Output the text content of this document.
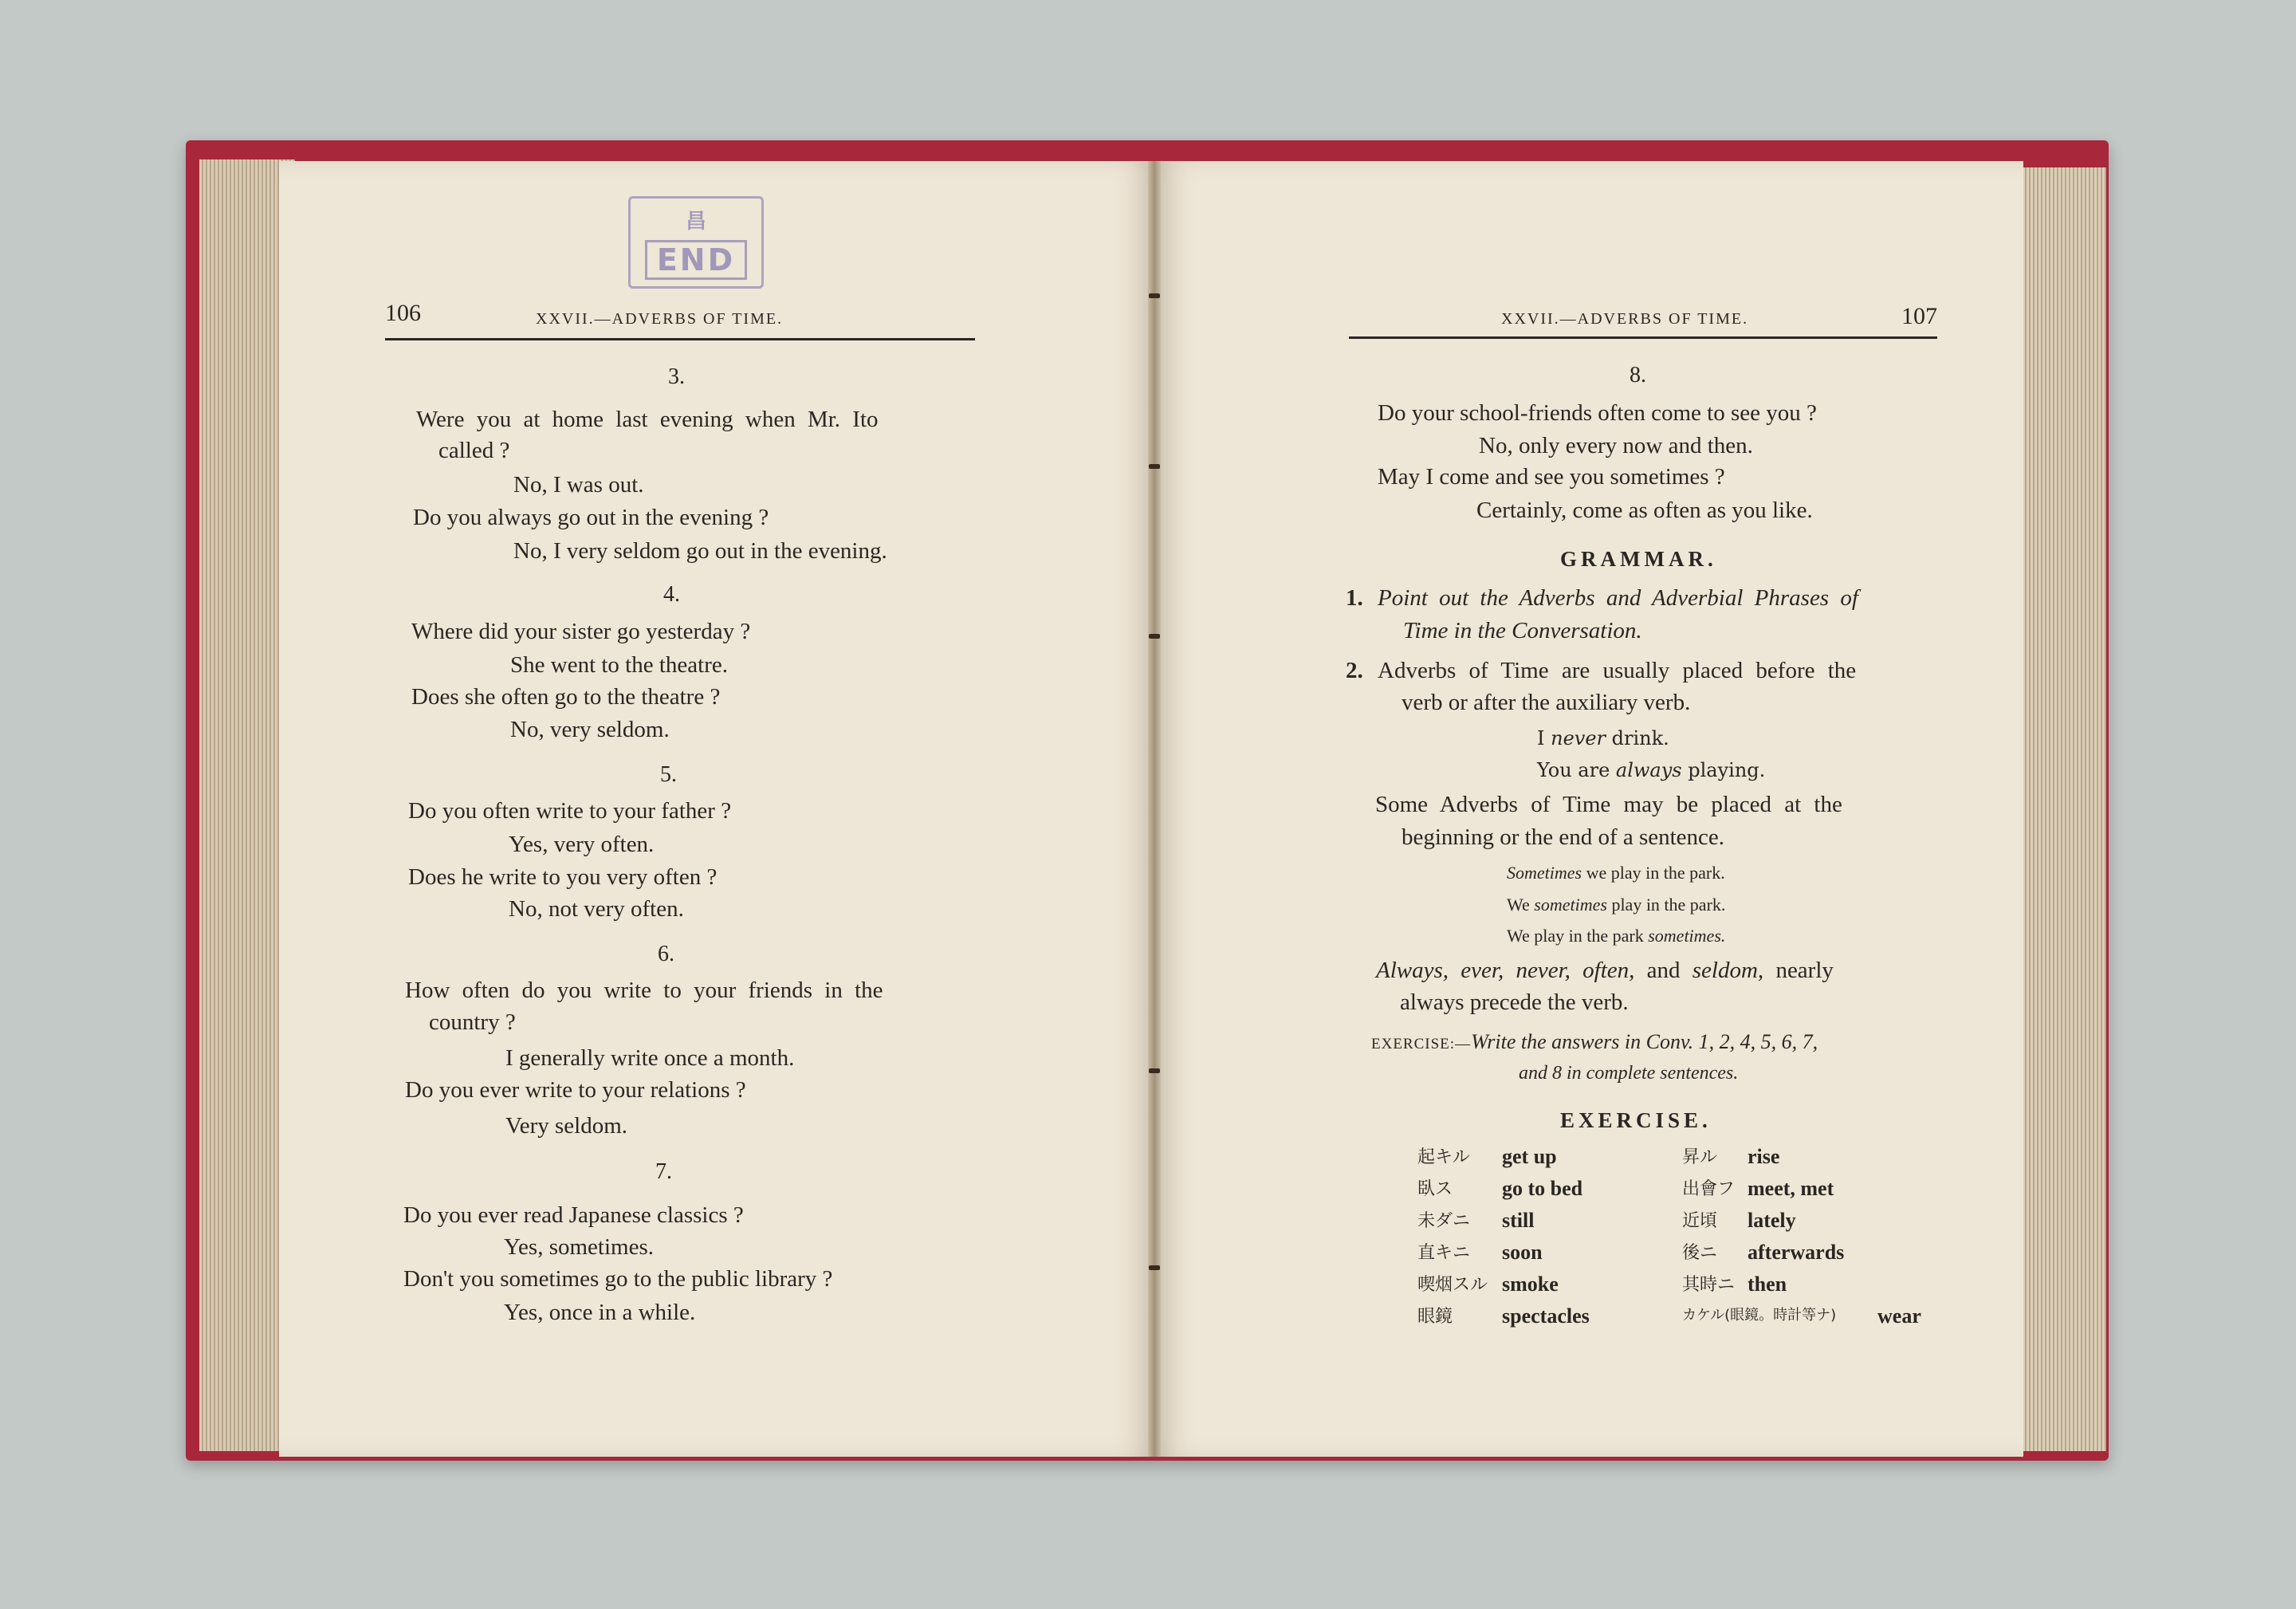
昌
END
106	XXVII.—ADVERBS OF TIME.
3.
Were you at home last evening when Mr. Ito
called ?
No, I was out.
Do you always go out in the evening ?
No, I very seldom go out in the evening.
4.
Where did your sister go yesterday ?
She went to the theatre.
Does she often go to the theatre ?
No, very seldom.
5.
Do you often write to your father ?
Yes, very often.
Does he write to you very often ?
No, not very often.
6.
How often do you write to your friends in the
country ?
I generally write once a month.
Do you ever write to your relations ?
Very seldom.
7.
Do you ever read Japanese classics ?
Yes, sometimes.
Don't you sometimes go to the public library ?
Yes, once in a while.
XXVII.—ADVERBS OF TIME.	107
8.
Do your school-friends often come to see you ?
No, only every now and then.
May I come and see you sometimes ?
Certainly, come as often as you like.
GRAMMAR.
1. Point out the Adverbs and Adverbial Phrases of
Time in the Conversation.
2. Adverbs of Time are usually placed before the
verb or after the auxiliary verb.
I never drink.
You are always playing.
Some Adverbs of Time may be placed at the
beginning or the end of a sentence.
Sometimes we play in the park.
We sometimes play in the park.
We play in the park sometimes.
Always, ever, never, often, and seldom, nearly
always precede the verb.
EXERCISE:—Write the answers in Conv. 1, 2, 4, 5, 6, 7,
and 8 in complete sentences.
EXERCISE.
起キル get up	昇ル rise
臥ス go to bed	出會フ meet, met
未ダニ still	近頃 lately
直キニ soon	後ニ afterwards
喫烟スル smoke	其時ニ then
眼鏡 spectacles	カケル(眼鏡。時計等ナ) wear
